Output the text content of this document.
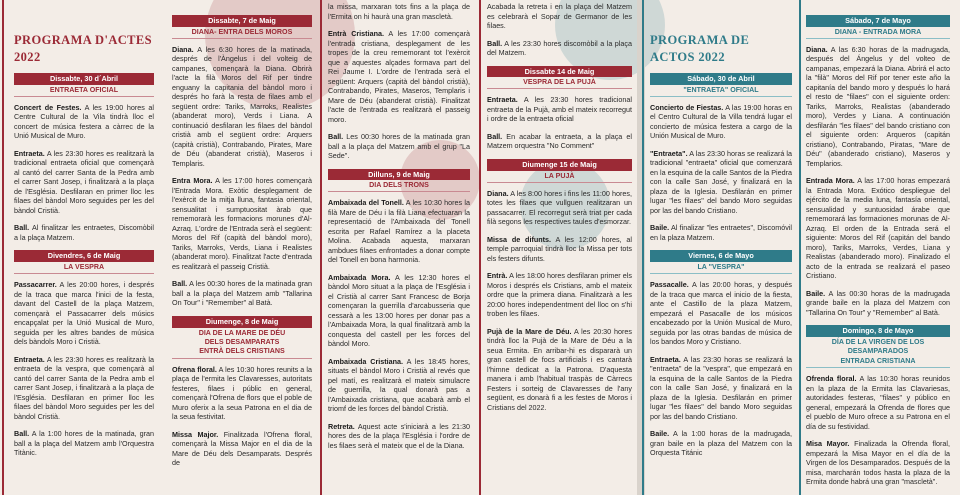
PROGRAMA D'ACTES 2022
Dissabte, 30 d´Abril
ENTRAETA OFICIAL

Concert de Festes. A les 19:00 hores al Centre Cultural de la Vila tindrà lloc el concert de música festera a càrrec de la Unió Musical de Muro.

Entraeta. A les 23:30 hores es realitzarà la tradicional entraeta oficial que començarà al cantó del carrer Santa de la Pedra amb el carrer Sant Josep, i finalitzarà a la plaça de l'Església. Desfilaran en primer lloc les filaes del bàndol Moro seguides per les del bàndol Cristià.

Ball. Al finalitzar les entraetes, Discomòbil a la plaça Matzem.

Divendres, 6 de Maig
LA VESPRA

Passacarrer. A les 20:00 hores, i després de la traca que marca l'inici de la festa, davant del Castell de la plaça Matzem, començarà el Passacarrer dels músics encapçalat per la Unió Musical de Muro, seguida per les altres bandes de música dels bàndols Moro i Cristià.

Entraeta. A les 23:30 hores es realitzarà la entraeta de la vespra, que començarà al cantó del carrer Santa de la Pedra amb el carrer Sant Josep, i finalitzarà a la plaça de l'Església. Desfilaran en primer lloc les filaes del bàndol Moro seguides per les del bàndol Cristià.

Ball. A la 1:00 hores de la matinada, gran ball a la plaça del Matzem amb l'Orquestra Titànic.

Dissabte, 7 de Maig
DIANA- ENTRA DELS MOROS

Diana. A les 6:30 hores de la matinada, després de l'Àngelus i del volteig de campanes, començarà la Diana. Obrirà l'acte la filà Moros del Rif per tindre enguany la capitania del bàndol moro i després ho farà la resta de filaes amb el següent ordre: Tariks, Marroks, Realistes (abanderat moro), Verds i Liana. A continuació desfilaran les filaes del bàndol cristià amb el següent ordre: Arquers (capità cristià), Contrabando, Pirates, Mare de Déu (abanderat cristià), Maseros i Templaris.

Entra Mora. A les 17:00 hores començarà l'Entrada Mora. Exòtic desplegament de l'exèrcit de la mitja lluna, fantasia oriental, sensualitat i sumptuositat àrab que rememorarà les formacions morunes d'Al-Azraq. L'ordre de l'Entrada serà el següent: Moros del Rif (capità del bàndol moro), Tariks, Marroks, Verds, Liana i Realistes (abanderat moro). Finalitzat l'acte d'entrada es realitzarà el passeig Cristià.

Ball. A les 00:30 hores de la matinada gran ball a la plaça del Matzem amb "Tallarina On Tour" i "Remember" al Batà.

Diumenge, 8 de Maig
DIA DE LA MARE DE DÉU
DELS DESAMPARATS
ENTRÀ DELS CRISTIANS

Ofrena floral. A les 10:30 hores reunits a la plaça de l'ermita les Clavaresses, autoritats festeres, filaes i públic en general, començarà l'Ofrena de flors que el poble de Muro oferix a la seua Patrona en el dia de la seua festivitat.

Missa Major. Finalitzada l'Ofrena floral, començarà la Missa Major en el dia de la Mare de Déu dels Desamparats. Després de

la missa, marxaran tots fins a la plaça de l'Ermita on hi haurà una gran mascletà.

Entrà Cristiana. A les 17:00 començarà l'entrada cristiana, desplegament de les tropes de la creu rememorant tot l'exèrcit que a aquestes alçades formava part del Rei Jaume I. L'ordre de l'entrada serà el següent: Arquers (capità del bàndol cristià), Contrabando, Pirates, Maseros, Templaris i Mare de Déu (abanderat cristià). Finalitzat l'acte de l'entrada es realitzarà el passeig moro.

Ball. Les 00:30 hores de la matinada gran ball a la plaça del Matzem amb el grup "La Sede".

Dilluns, 9 de Maig
DIA DELS TRONS

Ambaixada del Tonell. A les 10:30 hores la filà Mare de Déu i la filà Liana efectuaran la representació de l'Ambaixada del Tonell escrita per Rafael Ramírez a la placeta Molina. Acabada aquesta, marxaran ambdues filaes enfrontades a donar compte del Tonell en bona harmonia.

Ambaixada Mora. A les 12:30 hores el bàndol Moro situat a la plaça de l'Església i el Cristià al carrer Sant Francesc de Borja començaran la guerrilla d'arcabusseria que cessarà a les 13:00 hores per donar pas a l'Ambaixada Mora, la qual finalitzarà amb la conquesta del castell per les forces del bàndol Moro.

Ambaixada Cristiana. A les 18:45 hores, situats el bàndol Moro i Cristià al revés que pel matí, es realitzarà el mateix simulacre de guerrilla, la qual donarà pas a l'Ambaixada cristiana, que acabarà amb el triomf de les forces del bàndol Cristià.

Retreta. Aquest acte s'iniciarà a les 21:30 hores des de la plaça l'Església i l'ordre de les filaes serà el mateix que el de la Diana.

Acabada la retreta i en la plaça del Matzem es celebrarà el Sopar de Germanor de les filaes.

Ball. A les 23:30 hores discomòbil a la plaça del Matzem.

Dissabte 14 de Maig
VESPRA DE LA PUJÀ

Entraeta. A les 23:30 hores tradicional entraeta de la Pujà, amb el mateix recorregut i ordre de la entraeta oficial

Ball. En acabar la entraeta, a la plaça el Matzem orquestra "No Comment"

Diumenge 15 de Maig
LA PUJÀ

Diana. A les 8:00 hores i fins les 11:00 hores, totes les filaes que vullguen realitzaran un passacarrer. El recorregut serà triat per cada filà segons les respectives taules d'esmorzar.

Missa de difunts. A les 12:00 hores, al temple parroquial tindrà lloc la Missa per tots els festers difunts.

Entrà. A les 18:00 hores desfilaran primer els Moros i després els Cristians, amb el mateix ordre que la primera diana. Finalitzarà a les 20:00 hores independentment del lloc on s'hi troben les filaes.

Pujà de la Mare de Déu. A les 20:30 hores tindrà lloc la Pujà de la Mare de Déu a la seua Ermita. En arribar-hi es dispararà un gran castell de focs artificials i es cantarà l'himne dedicat a la Patrona. D'aquesta manera i amb l'habitual traspàs de Càrrecs Festers i sorteig de Clavaresses de l'any següent, es donarà fi a les festes de Moros i Cristians del 2022.

PROGRAMA DE ACTOS 2022
Sábado, 30 de Abril
"ENTRAETA" OFICIAL

Concierto de Fiestas. A las 19:00 horas en el Centro Cultural de la Villa tendrá lugar el concierto de música festera a cargo de la Unión Musical de Muro.

"Entraeta". A las 23:30 horas se realizará la tradicional "entraeta" oficial que comenzará en la esquina de la calle Santos de la Piedra con la calle San José, y finalizará en la plaza de la Iglesia. Desfilarán en primer lugar "les filaes" del bando Moro seguidas por las del bando Cristiano.

Baile. Al finalizar "les entraetes", Discomóvil en la plaza Matzem.

Viernes, 6 de Mayo
LA "VESPRA"

Passacalle. A las 20:00 horas, y después de la traca que marca el inicio de la fiesta, ante el Castillo de la plaza Matzem, empezará el Pasacalle de los músicos encabezado por la Unión Musical de Muro, seguida por las otras bandas de música de los bandos Moro y Cristiano.

Entraeta. A las 23:30 horas se realizará la "entraeta" de la "vespra", que empezará en la esquina de la calle Santos de la Piedra con la calle San José, y finalizará en la plaza de la Iglesia. Desfilarán en primer lugar "les filaes" del bando Moro seguidas por las del bando Cristiano.

Baile. A la 1:00 horas de la madrugada, gran baile en la plaza del Matzem con la Orquesta Titánic

Sábado, 7 de Mayo
DIANA - ENTRADA MORA

Diana. A las 6:30 horas de la madrugada, después del Ángelus y del volteo de campanas, empezará la Diana. Abrirá el acto la "filà" Moros del Rif por tener este año la capitanía del bando moro y después lo hará el resto de "filaes" con el siguiente orden: Tariks, Marroks, Realistas (abanderado moro), Verdes y Liana. A continuación desfilarán "les filaes" del bando cristiano con el siguiente orden: Arqueros (capitán cristiano), Contrabando, Piratas, "Mare de Déu" (abanderado cristiano), Maseros y Templarios.

Entrada Mora. A las 17:00 horas empezará la Entrada Mora. Exótico despliegue del ejército de la media luna, fantasía oriental, sensualidad y suntuosidad árabe que rememorará las formaciones morunas de Al-Azraq. El orden de la Entrada será el siguiente: Moros del Rif (capitán del bando moro), Tariks, Marroks, Verdes, Liana y Realistas (abanderado moro). Finalizado el acto de la entrada se realizará el paseo Cristiano.

Baile. A las 00:30 horas de la madrugada grande baile en la plaza del Matzem con "Tallarina On Tour" y "Remember" al Batà.

Domingo, 8 de Mayo
DÍA DE LA VIRGEN DE LOS DESAMPARADOS
ENTRADA CRISTIANA

Ofrenda floral. A las 10:30 horas reunidos en la plaza de la Ermita las Clavariesas, autoridades festeras, "filaes" y público en general, empezará la Ofrenda de flores que el pueblo de Muro ofrece a su Patrona en el día de su festividad.

Misa Mayor. Finalizada la Ofrenda floral, empezará la Misa Mayor en el día de la Virgen de los Desamparados. Después de la misa, marcharán todos hasta la plaza de la Ermita donde habrá una gran "mascletà".
